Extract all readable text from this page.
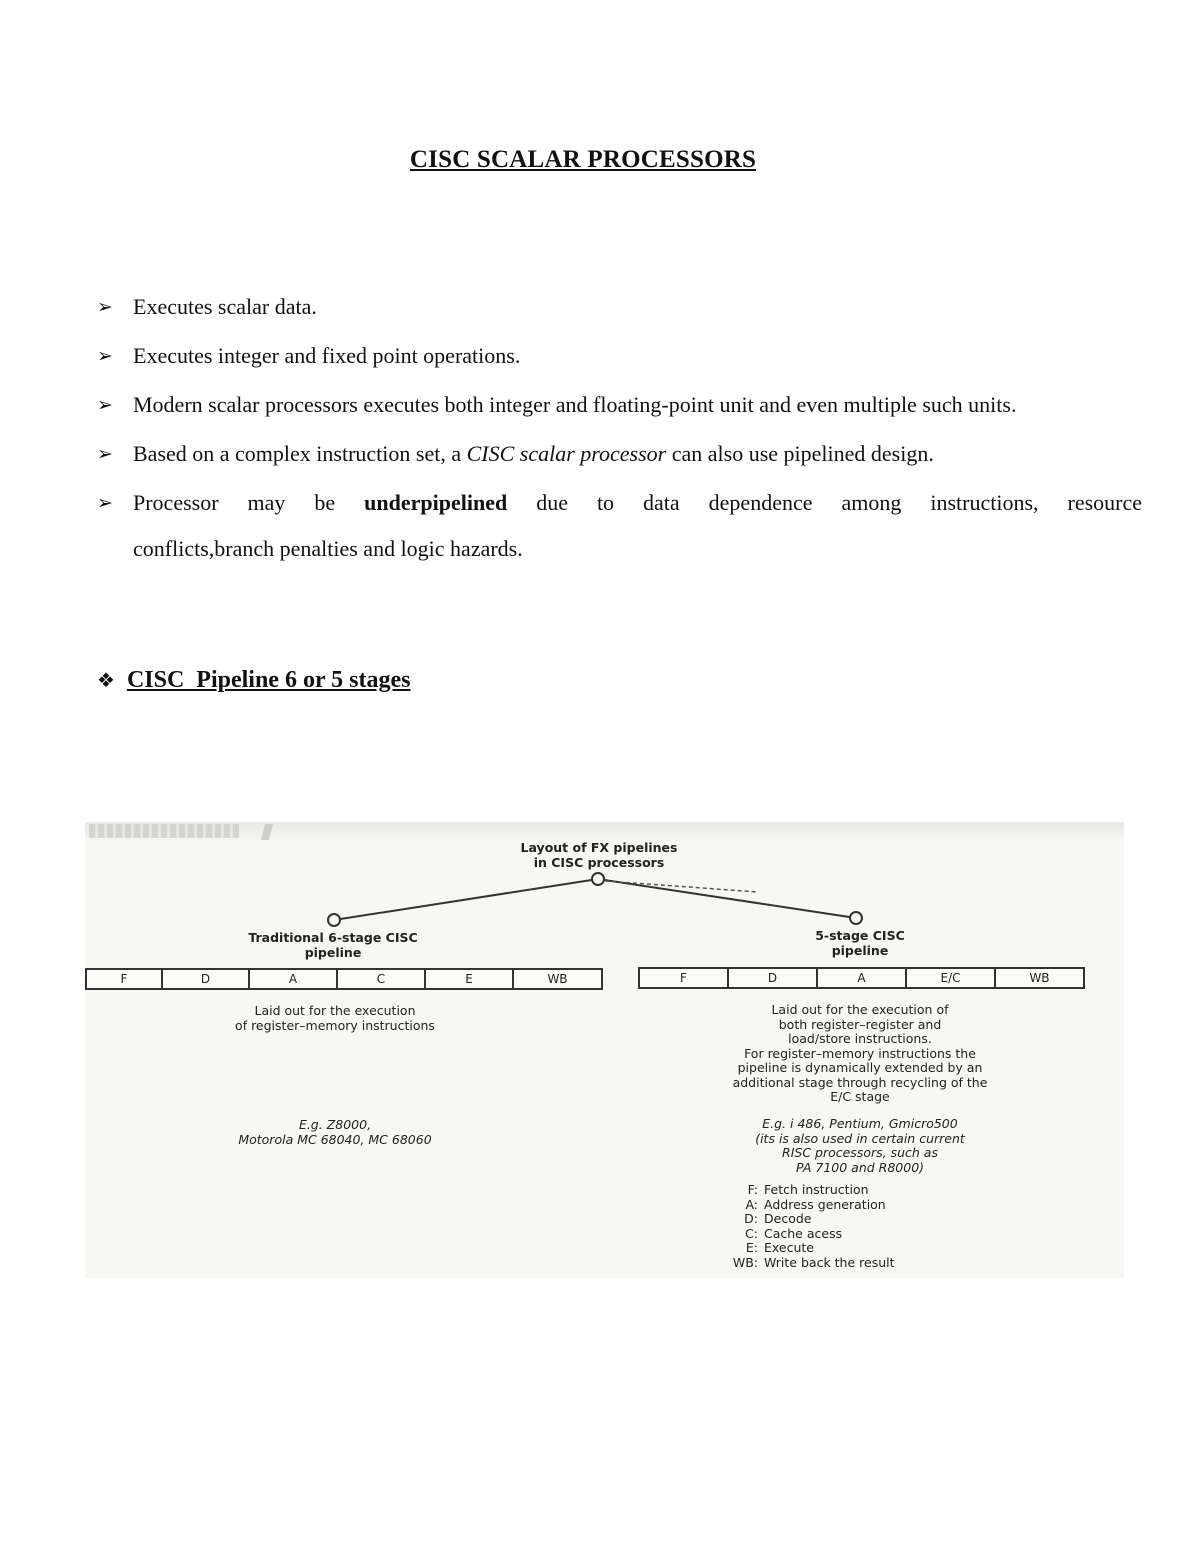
CISC SCALAR PROCESSORS
➢ Executes scalar data.
➢ Executes integer and fixed point operations.
➢ Modern scalar processors executes both integer and floating-point unit and even multiple such units.
➢ Based on a complex instruction set, a CISC scalar processor can also use pipelined design.
➢ Processor may be underpipelined due to data dependence among instructions, resource
conflicts,branch penalties and logic hazards.
❖ CISC  Pipeline 6 or 5 stages
Layout of FX pipelines
in CISC processors
Traditional 6-stage CISC
pipeline
5-stage CISC
pipeline
F	D	A	C	E	WB	F	D	A	E/C	WB
Laid out for the execution
of register–memory instructions
E.g. Z8000,
Motorola MC 68040, MC 68060
Laid out for the execution of
both register–register and
load/store instructions.
For register–memory instructions the
pipeline is dynamically extended by an
additional stage through recycling of the
E/C stage
E.g. i 486, Pentium, Gmicro500
(its is also used in certain current
RISC processors, such as
PA 7100 and R8000)
F: Fetch instruction
A: Address generation
D: Decode
C: Cache acess
E: Execute
WB: Write back the result
